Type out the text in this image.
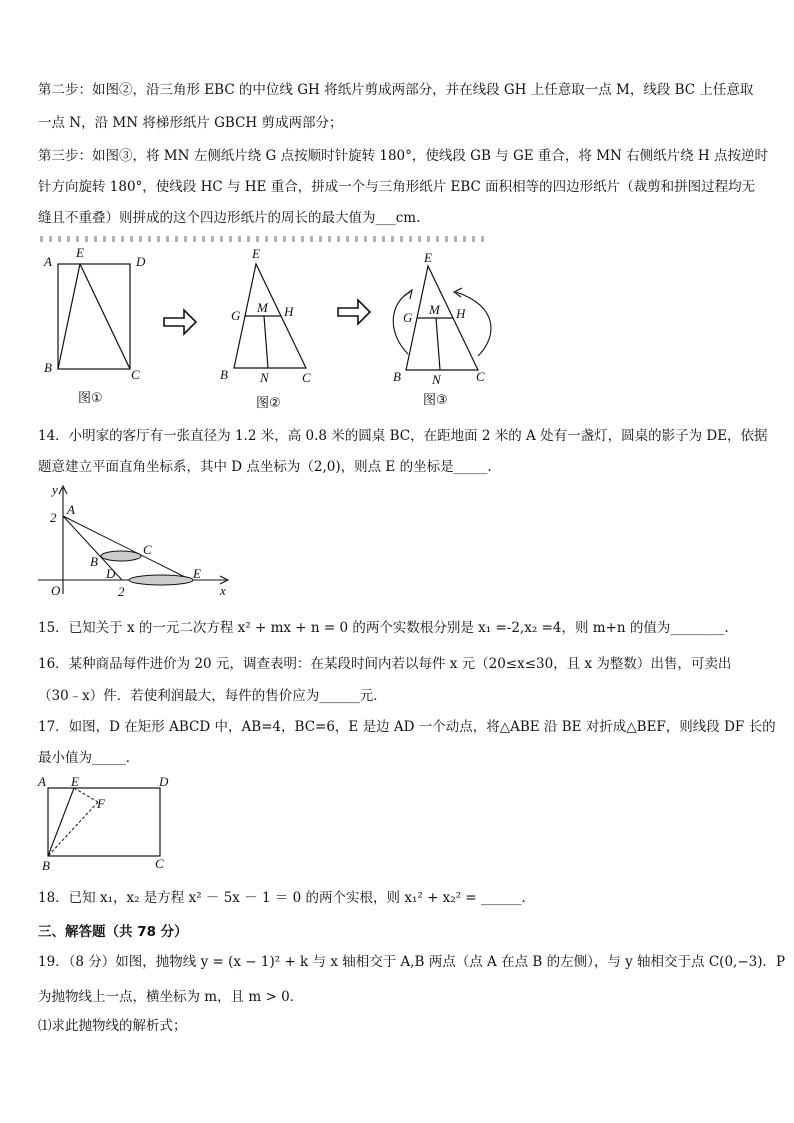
第二步：如图②，沿三角形 EBC 的中位线 GH 将纸片剪成两部分，并在线段 GH 上任意取一点 M，线段 BC 上任意取
一点 N，沿 MN 将梯形纸片 GBCH 剪成两部分；
第三步：如图③，将 MN 左侧纸片绕 G 点按顺时针旋转 180°，使线段 GB 与 GE 重合，将 MN 右侧纸片绕 H 点按逆时
针方向旋转 180°，使线段 HC 与 HE 重合，拼成一个与三角形纸片 EBC 面积相等的四边形纸片（裁剪和拼图过程均无
缝且不重叠）则拼成的这个四边形纸片的周长的最大值为___cm.
A
E
D
B	C
E
G
M H
B N	C
E
G
M H
B N	C
图①	图②	图③
14．小明家的客厅有一张直径为 1.2 米，高 0.8 米的圆桌 BC，在距地面 2 米的 A 处有一盏灯，圆桌的影子为 DE，依据
题意建立平面直角坐标系，其中 D 点坐标为（2,0)，则点 E 的坐标是_____.
y
2
A
C
B
D	E
O	2	x
15．已知关于 x 的一元二次方程 x² + mx + n = 0 的两个实数根分别是 x₁ =-2,x₂ =4，则 m+n 的值为________.
16．某种商品每件进价为 20 元，调查表明：在某段时间内若以每件 x 元（20≤x≤30，且 x 为整数）出售，可卖出
（30﹣x）件．若使利润最大，每件的售价应为______元．
17．如图，D 在矩形 ABCD 中，AB=4，BC=6，E 是边 AD 一个动点，将△ABE 沿 BE 对折成△BEF，则线段 DF 长的
最小值为_____．
A E	D
F
B	C
18．已知 x₁，x₂ 是方程 x² － 5x － 1 ＝ 0 的两个实根，则 x₁² + x₂² = ______．
三、解答题（共 78 分）
19．（8 分）如图，抛物线 y = (x − 1)² + k 与 x 轴相交于 A,B 两点（点 A 在点 B 的左侧），与 y 轴相交于点 C(0,−3)．P
为抛物线上一点，横坐标为 m，且 m > 0．
⑴求此抛物线的解析式；
